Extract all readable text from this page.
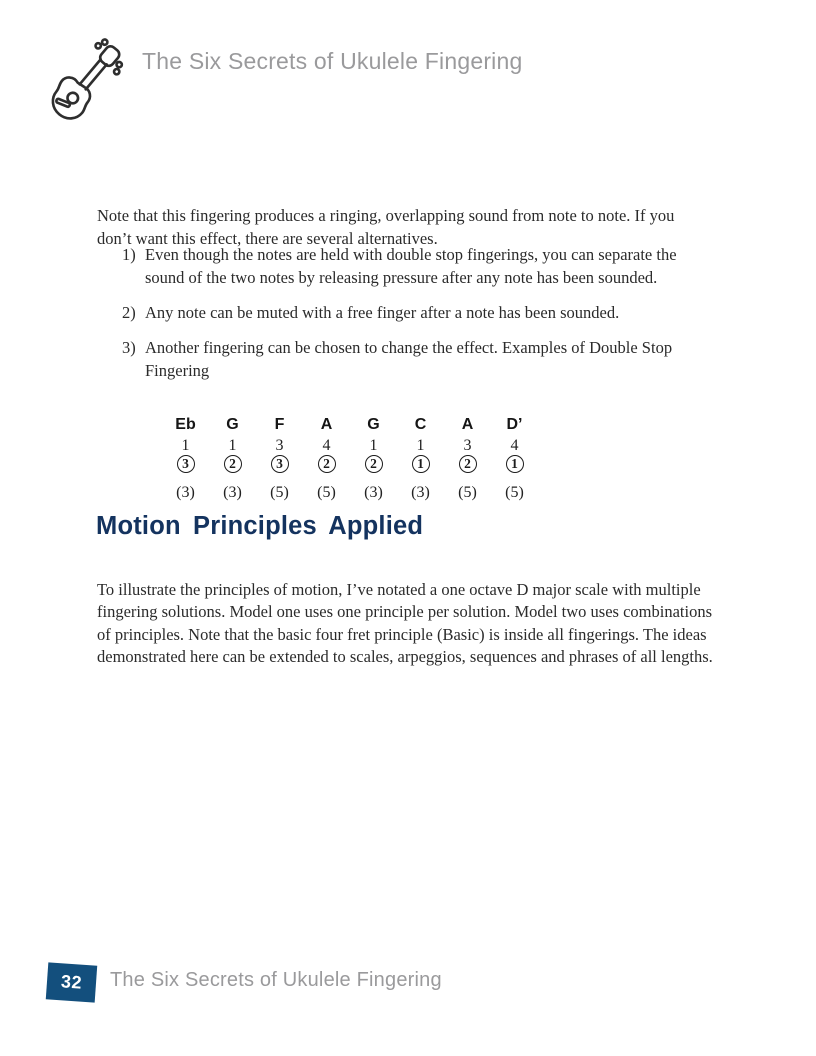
The Six Secrets of Ukulele Fingering

Note that this fingering produces a ringing, overlapping sound from note to note. If you don’t want this effect, there are several alternatives.

1) Even though the notes are held with double stop fingerings, you can separate the sound of the two notes by releasing pressure after any note has been sounded.
2) Any note can be muted with a free finger after a note has been sounded.
3) Another fingering can be chosen to change the effect. Examples of Double Stop Fingering
Eb
1
3
(3)
G
1
2
(3)
F
3
3
(5)
A
4
2
(5)
G
1
2
(3)
C
1
1
(3)
A
3
2
(5)
D’
4
1
(5)
Motion Principles Applied

To illustrate the principles of motion, I’ve notated a one octave D major scale with multiple fingering solutions. Model one uses one principle per solution. Model two uses combinations of principles. Note that the basic four fret principle (Basic) is inside all fingerings. The ideas demonstrated here can be extended to scales, arpeggios, sequences and phrases of all lengths.

32 The Six Secrets of Ukulele Fingering
